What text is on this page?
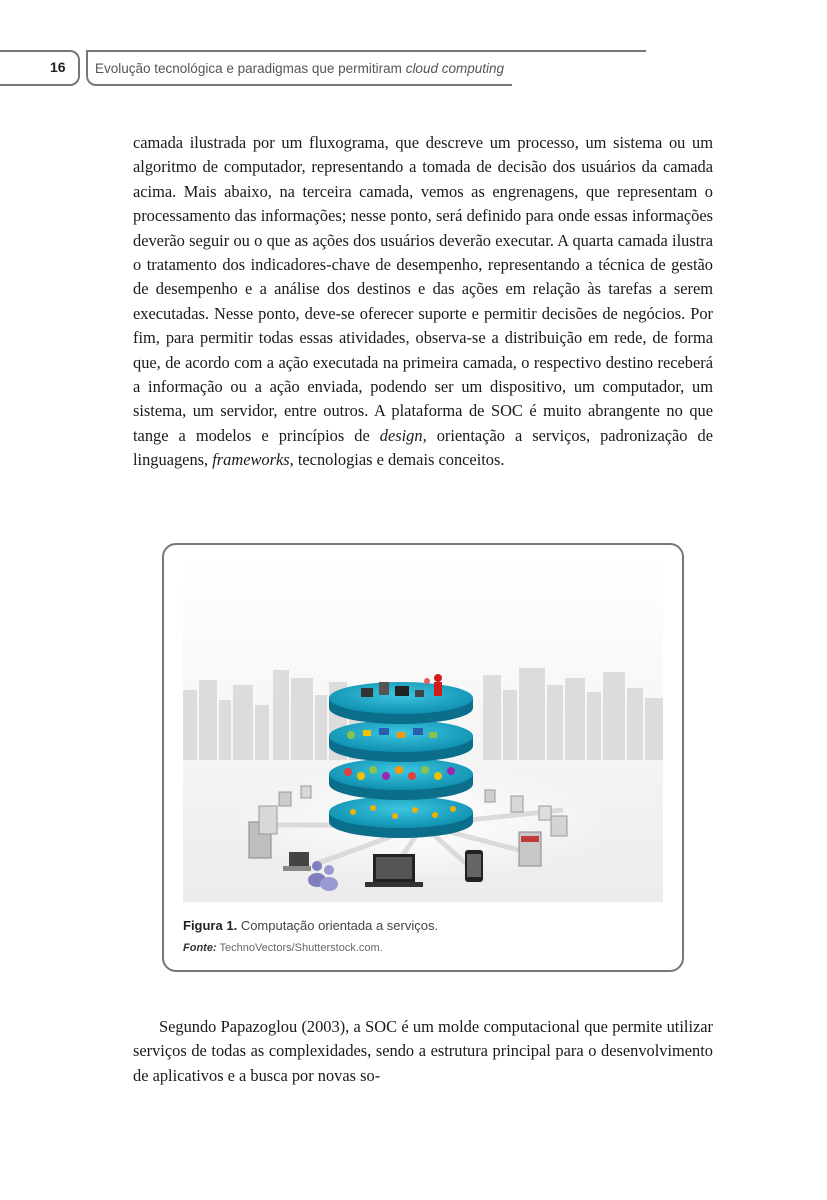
16 Evolução tecnológica e paradigmas que permitiram cloud computing
camada ilustrada por um fluxograma, que descreve um processo, um sistema ou um algoritmo de computador, representando a tomada de decisão dos usuários da camada acima. Mais abaixo, na terceira camada, vemos as engrenagens, que representam o processamento das informações; nesse ponto, será definido para onde essas informações deverão seguir ou o que as ações dos usuários deverão executar. A quarta camada ilustra o tratamento dos indicadores-chave de desempenho, representando a técnica de gestão de desempenho e a análise dos destinos e das ações em relação às tarefas a serem executadas. Nesse ponto, deve-se oferecer suporte e permitir decisões de negócios. Por fim, para permitir todas essas atividades, observa-se a distribuição em rede, de forma que, de acordo com a ação executada na primeira camada, o respectivo destino receberá a informação ou a ação enviada, podendo ser um dispositivo, um computador, um sistema, um servidor, entre outros. A plataforma de SOC é muito abrangente no que tange a modelos e princípios de design, orientação a serviços, padronização de linguagens, frameworks, tecnologias e demais conceitos.
Figura 1. Computação orientada a serviços.
Fonte: TechnoVectors/Shutterstock.com.
Segundo Papazoglou (2003), a SOC é um molde computacional que permite utilizar serviços de todas as complexidades, sendo a estrutura principal para o desenvolvimento de aplicativos e a busca por novas so-
